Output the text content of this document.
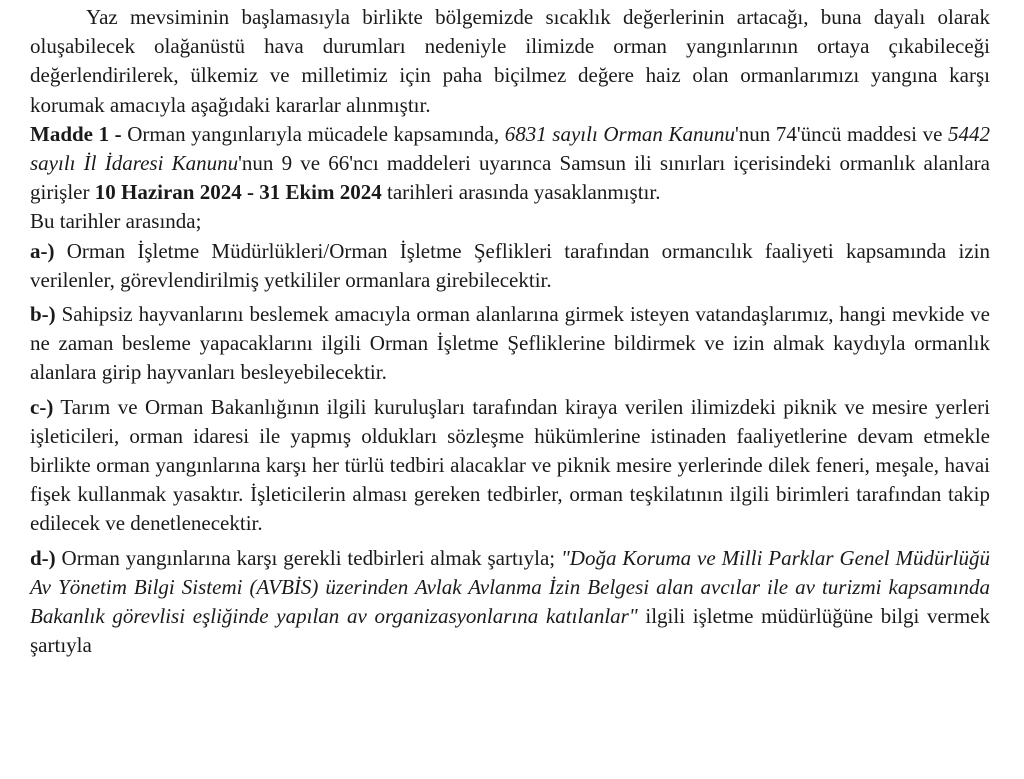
Yaz mevsiminin başlamasıyla birlikte bölgemizde sıcaklık değerlerinin artacağı, buna dayalı olarak oluşabilecek olağanüstü hava durumları nedeniyle ilimizde orman yangınlarının ortaya çıkabileceği değerlendirilerek, ülkemiz ve milletimiz için paha biçilmez değere haiz olan ormanlarımızı yangına karşı korumak amacıyla aşağıdaki kararlar alınmıştır.

Madde 1 - Orman yangınlarıyla mücadele kapsamında, 6831 sayılı Orman Kanunu'nun 74'üncü maddesi ve 5442 sayılı İl İdaresi Kanunu'nun 9 ve 66'ncı maddeleri uyarınca Samsun ili sınırları içerisindeki ormanlık alanlara girişler 10 Haziran 2024 - 31 Ekim 2024 tarihleri arasında yasaklanmıştır.

Bu tarihler arasında;

a-) Orman İşletme Müdürlükleri/Orman İşletme Şeflikleri tarafından ormancılık faaliyeti kapsamında izin verilenler, görevlendirilmiş yetkililer ormanlara girebilecektir.

b-) Sahipsiz hayvanlarını beslemek amacıyla orman alanlarına girmek isteyen vatandaşlarımız, hangi mevkide ve ne zaman besleme yapacaklarını ilgili Orman İşletme Şefliklerine bildirmek ve izin almak kaydıyla ormanlık alanlara girip hayvanları besleyebilecektir.

c-) Tarım ve Orman Bakanlığının ilgili kuruluşları tarafından kiraya verilen ilimizdeki piknik ve mesire yerleri işleticileri, orman idaresi ile yapmış oldukları sözleşme hükümlerine istinaden faaliyetlerine devam etmekle birlikte orman yangınlarına karşı her türlü tedbiri alacaklar ve piknik mesire yerlerinde dilek feneri, meşale, havai fişek kullanmak yasaktır. İşleticilerin alması gereken tedbirler, orman teşkilatının ilgili birimleri tarafından takip edilecek ve denetlenecektir.

d-) Orman yangınlarına karşı gerekli tedbirleri almak şartıyla; "Doğa Koruma ve Milli Parklar Genel Müdürlüğü Av Yönetim Bilgi Sistemi (AVBİS) üzerinden Avlak Avlanma İzin Belgesi alan avcılar ile av turizmi kapsamında Bakanlık görevlisi eşliğinde yapılan av organizasyonlarına katılanlar" ilgili işletme müdürlüğüne bilgi vermek şartıyla
